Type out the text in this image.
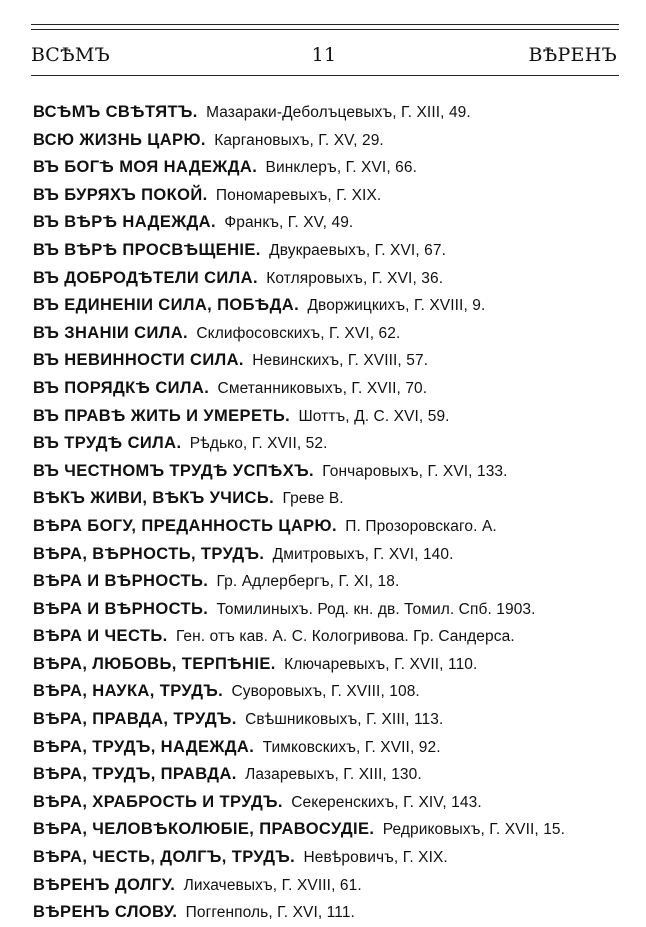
ВСѢМЪ	11	ВѢРЕНЪ
ВСѢМЪ СВѢТЯТЪ. Мазараки-Деболъцевыхъ, Г. XIII, 49.
ВСЮ ЖИЗНЬ ЦАРЮ. Каргановыхъ, Г. XV, 29.
ВЪ БОГѢ МОЯ НАДЕЖДА. Винклеръ, Г. XVI, 66.
ВЪ БУРЯХЪ ПОКОЙ. Пономаревыхъ, Г. XIX.
ВЪ ВѢРѢ НАДЕЖДА. Франкъ, Г. XV, 49.
ВЪ ВѢРѢ ПРОСВѢЩЕНІЕ. Двукраевыхъ, Г. XVI, 67.
ВЪ ДОБРОДѢТЕЛИ СИЛА. Котляровыхъ, Г. XVI, 36.
ВЪ ЕДИНЕНІИ СИЛА, ПОБѢДА. Дворжицкихъ, Г. XVIII, 9.
ВЪ ЗНАНІИ СИЛА. Склифосовскихъ, Г. XVI, 62.
ВЪ НЕВИННОСТИ СИЛА. Невинскихъ, Г. XVIII, 57.
ВЪ ПОРЯДКѢ СИЛА. Сметанниковыхъ, Г. XVII, 70.
ВЪ ПРАВѢ ЖИТЬ И УМЕРЕТЬ. Шоттъ, Д. С. XVI, 59.
ВЪ ТРУДѢ СИЛА. Рѣдько, Г. XVII, 52.
ВЪ ЧЕСТНОМЪ ТРУДѢ УСПѢХЪ. Гончаровыхъ, Г. XVI, 133.
ВѢКЪ ЖИВИ, ВѢКЪ УЧИСЬ. Греве В.
ВѢРА БОГУ, ПРЕДАННОСТЬ ЦАРЮ. П. Прозоровскаго. А.
ВѢРА, ВѢРНОСТЬ, ТРУДЪ. Дмитровыхъ, Г. XVI, 140.
ВѢРА И ВѢРНОСТЬ. Гр. Адлербергъ, Г. XI, 18.
ВѢРА И ВѢРНОСТЬ. Томилиныхъ. Род. кн. дв. Томил. Спб. 1903.
ВѢРА И ЧЕСТЬ. Ген. отъ кав. А. С. Кологривова. Гр. Сандерса.
ВѢРА, ЛЮБОВЬ, ТЕРПѢНІЕ. Ключаревыхъ, Г. XVII, 110.
ВѢРА, НАУКА, ТРУДЪ. Суворовыхъ, Г. XVIII, 108.
ВѢРА, ПРАВДА, ТРУДЪ. Свѣшниковыхъ, Г. XIII, 113.
ВѢРА, ТРУДЪ, НАДЕЖДА. Тимковскихъ, Г. XVII, 92.
ВѢРА, ТРУДЪ, ПРАВДА. Лазаревыхъ, Г. XIII, 130.
ВѢРА, ХРАБРОСТЬ И ТРУДЪ. Секеренскихъ, Г. XIV, 143.
ВѢРА, ЧЕЛОВѢКОЛЮБІЕ, ПРАВОСУДІЕ. Редриковыхъ, Г. XVII, 15.
ВѢРА, ЧЕСТЬ, ДОЛГЪ, ТРУДЪ. Невѣровичъ, Г. XIX.
ВѢРЕНЪ ДОЛГУ. Лихачевыхъ, Г. XVIII, 61.
ВѢРЕНЪ СЛОВУ. Поггенполь, Г. XVI, 111.
